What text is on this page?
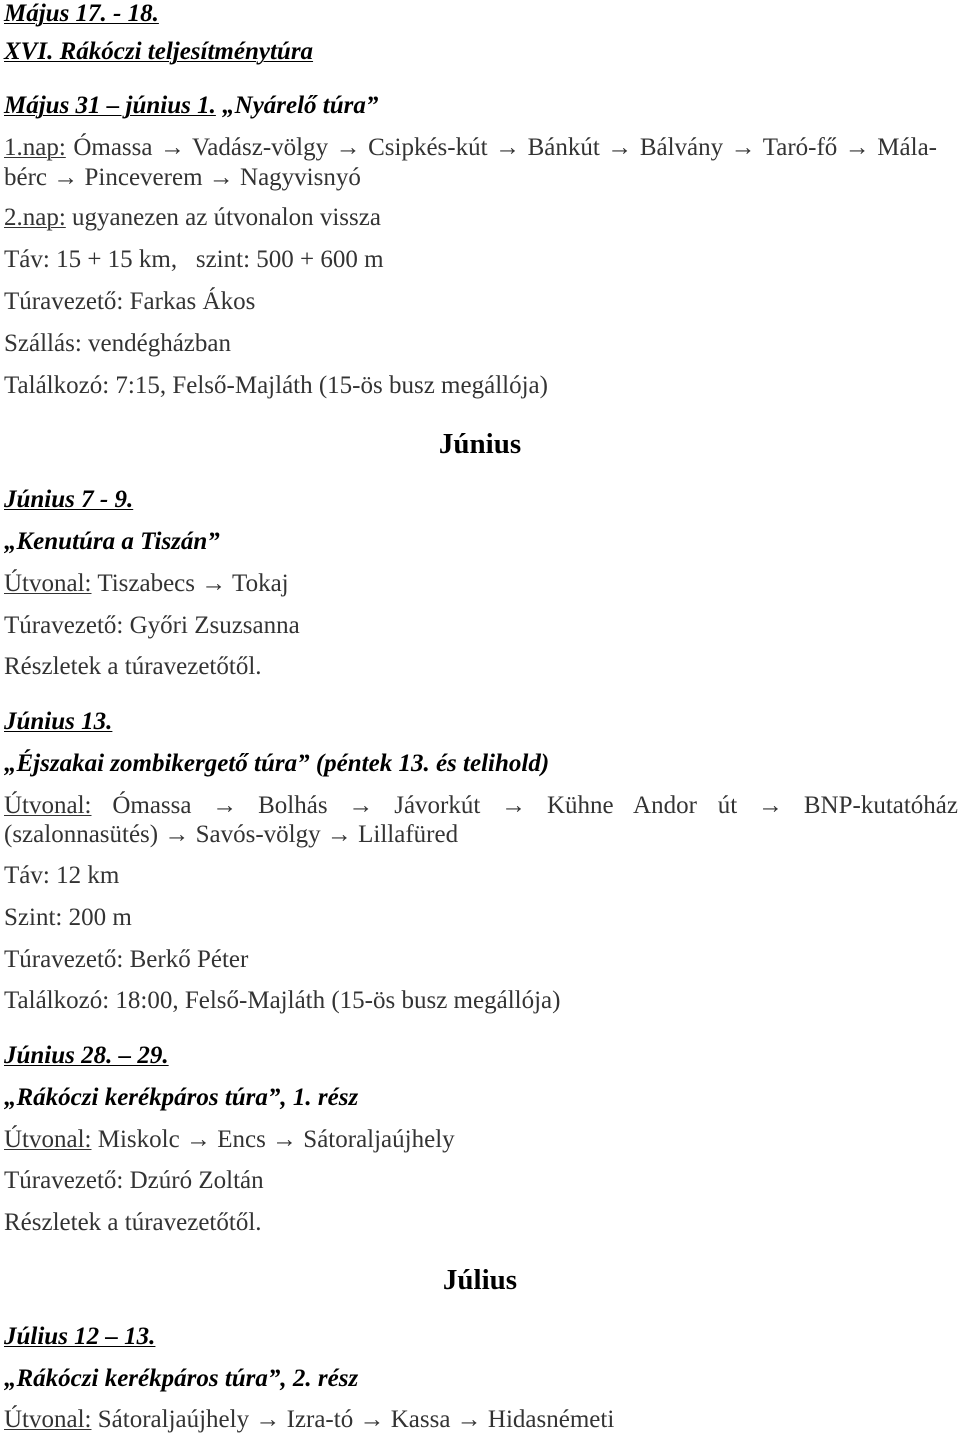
Május 17. - 18.
XVI. Rákóczi teljesítménytúra
Május 31 – június 1. „Nyárelő túra”
1.nap: Ómassa → Vadász-völgy → Csipkés-kút → Bánkút → Bálvány → Taró-fő → Mála-
bérc → Pinceverem → Nagyvisnyó
2.nap: ugyanezen az útvonalon vissza
Táv: 15 + 15 km,   szint: 500 + 600 m
Túravezető: Farkas Ákos
Szállás: vendégházban
Találkozó: 7:15, Felső-Majláth (15-ös busz megállója)
Június
Június 7 - 9.
„Kenutúra a Tiszán”
Útvonal: Tiszabecs → Tokaj
Túravezető: Győri Zsuzsanna
Részletek a túravezetőtől.
Június 13.
„Éjszakai zombikergető túra” (péntek 13. és telihold)
Útvonal: Ómassa → Bolhás → Jávorkút → Kühne Andor út → BNP-kutatóház
(szalonnasütés) → Savós-völgy → Lillafüred
Táv: 12 km
Szint: 200 m
Túravezető: Berkő Péter
Találkozó: 18:00, Felső-Majláth (15-ös busz megállója)
Június 28. – 29.
„Rákóczi kerékpáros túra”, 1. rész
Útvonal: Miskolc → Encs → Sátoraljaújhely
Túravezető: Dzúró Zoltán
Részletek a túravezetőtől.
Július
Július 12 – 13.
„Rákóczi kerékpáros túra”, 2. rész
Útvonal: Sátoraljaújhely → Izra-tó → Kassa → Hidasnémeti
